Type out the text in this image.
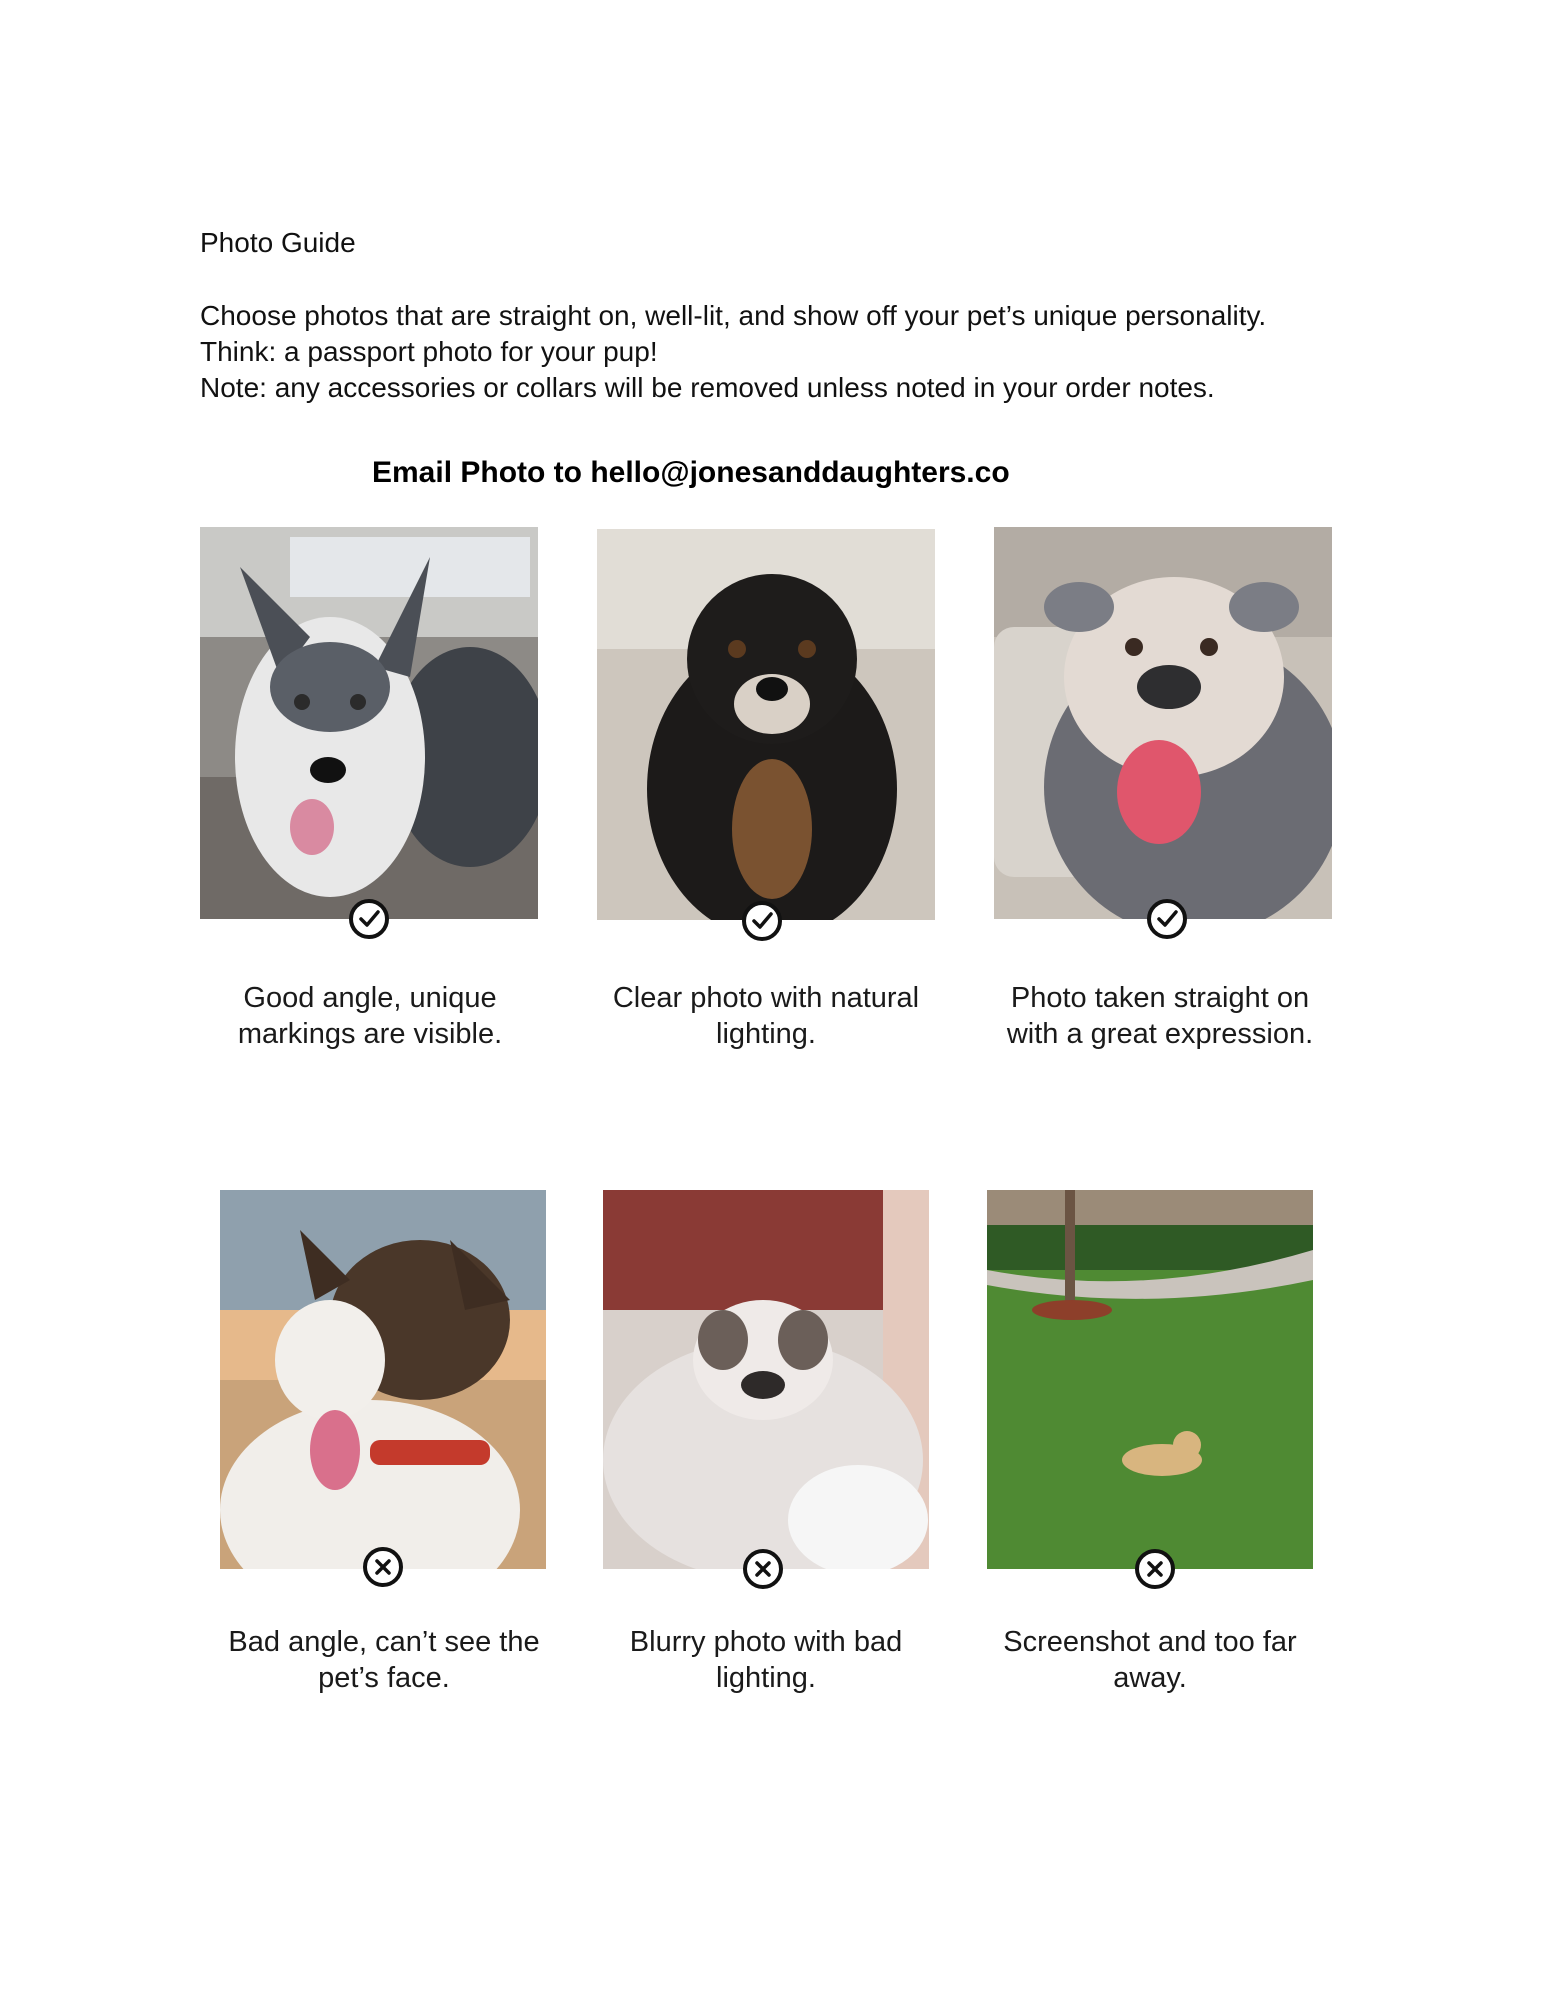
Photo Guide

Choose photos that are straight on, well-lit, and show off your pet’s unique personality.

Think: a passport photo for your pup!

Note: any accessories or collars will be removed unless noted in your order notes.

Email Photo to hello@jonesanddaughters.co
Good angle, unique markings are visible.
Clear photo with natural lighting.
Photo taken straight on with a great expression.
Bad angle, can’t see the pet’s face.
Blurry photo with bad lighting.
Screenshot and too far away.
